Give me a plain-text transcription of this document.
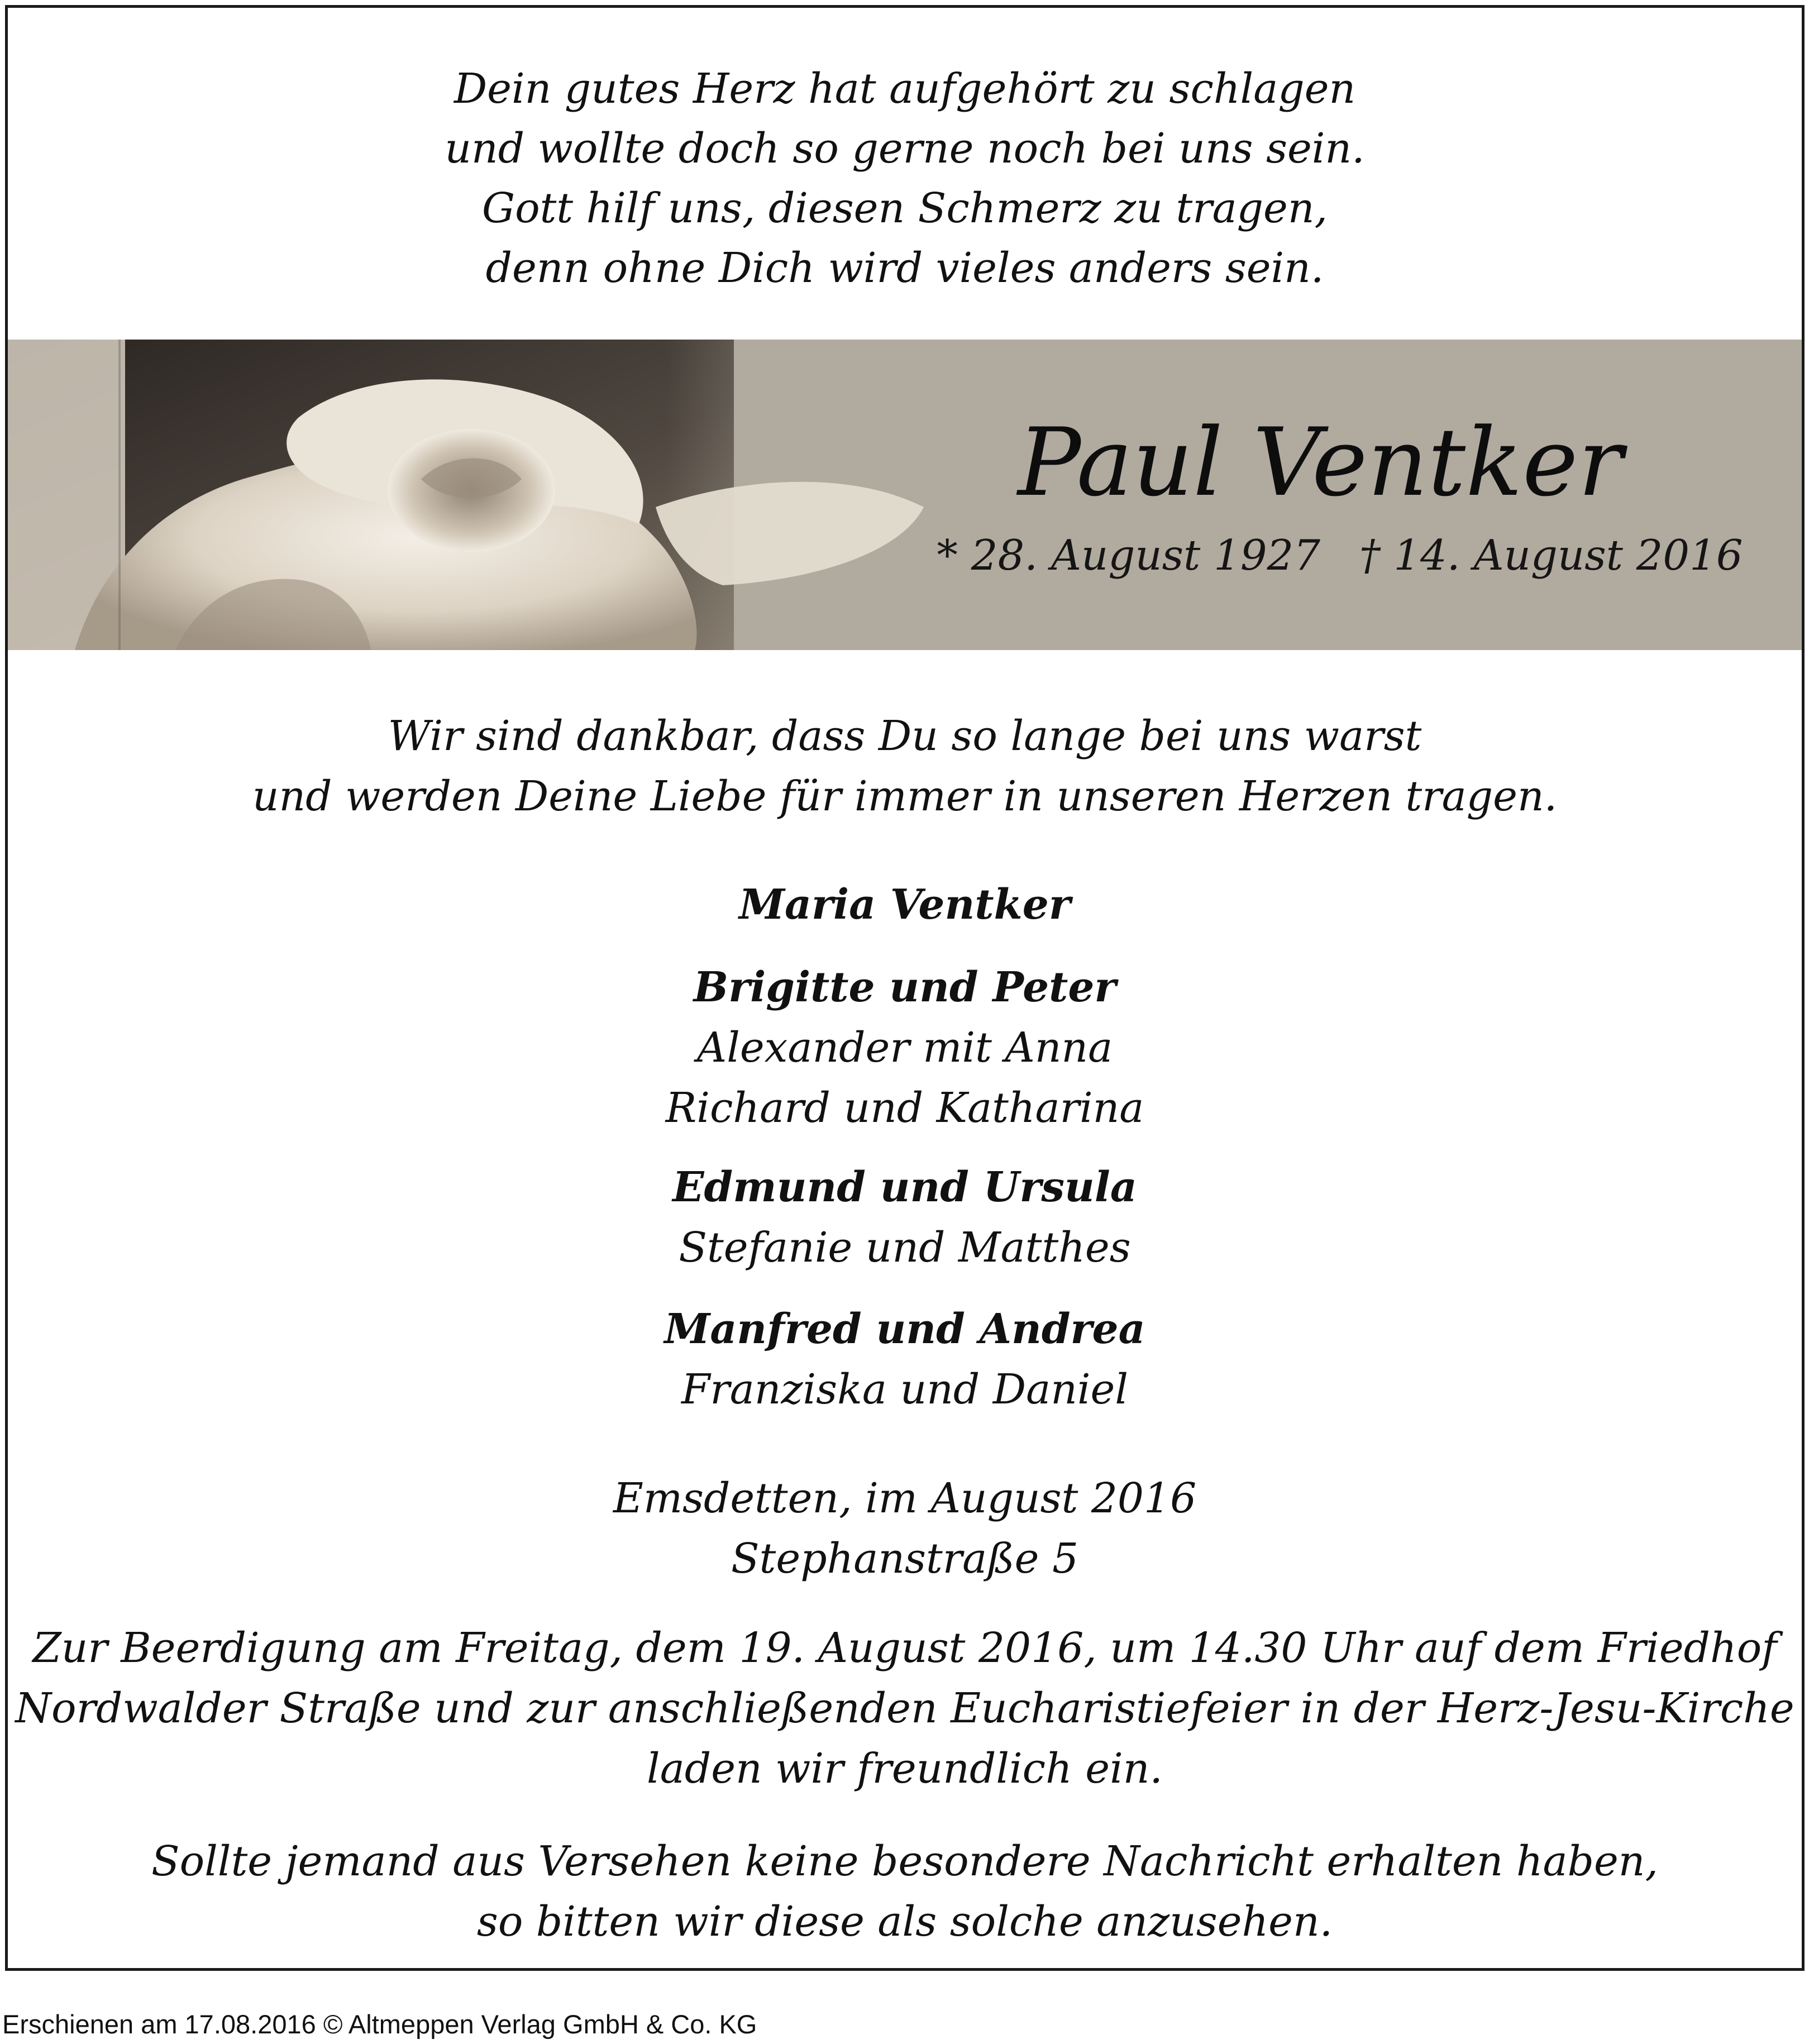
Dein gutes Herz hat aufgehört zu schlagen
und wollte doch so gerne noch bei uns sein.
Gott hilf uns, diesen Schmerz zu tragen,
denn ohne Dich wird vieles anders sein.
Paul Ventker
* 28. August 1927 † 14. August 2016
Wir sind dankbar, dass Du so lange bei uns warst
und werden Deine Liebe für immer in unseren Herzen tragen.
Maria Ventker
Brigitte und Peter
Alexander mit Anna
Richard und Katharina
Edmund und Ursula
Stefanie und Matthes
Manfred und Andrea
Franziska und Daniel
Emsdetten, im August 2016
Stephanstraße 5
Zur Beerdigung am Freitag, dem 19. August 2016, um 14.30 Uhr auf dem Friedhof
Nordwalder Straße und zur anschließenden Eucharistiefeier in der Herz-Jesu-Kirche
laden wir freundlich ein.
Sollte jemand aus Versehen keine besondere Nachricht erhalten haben,
so bitten wir diese als solche anzusehen.
Erschienen am 17.08.2016 © Altmeppen Verlag GmbH & Co. KG
